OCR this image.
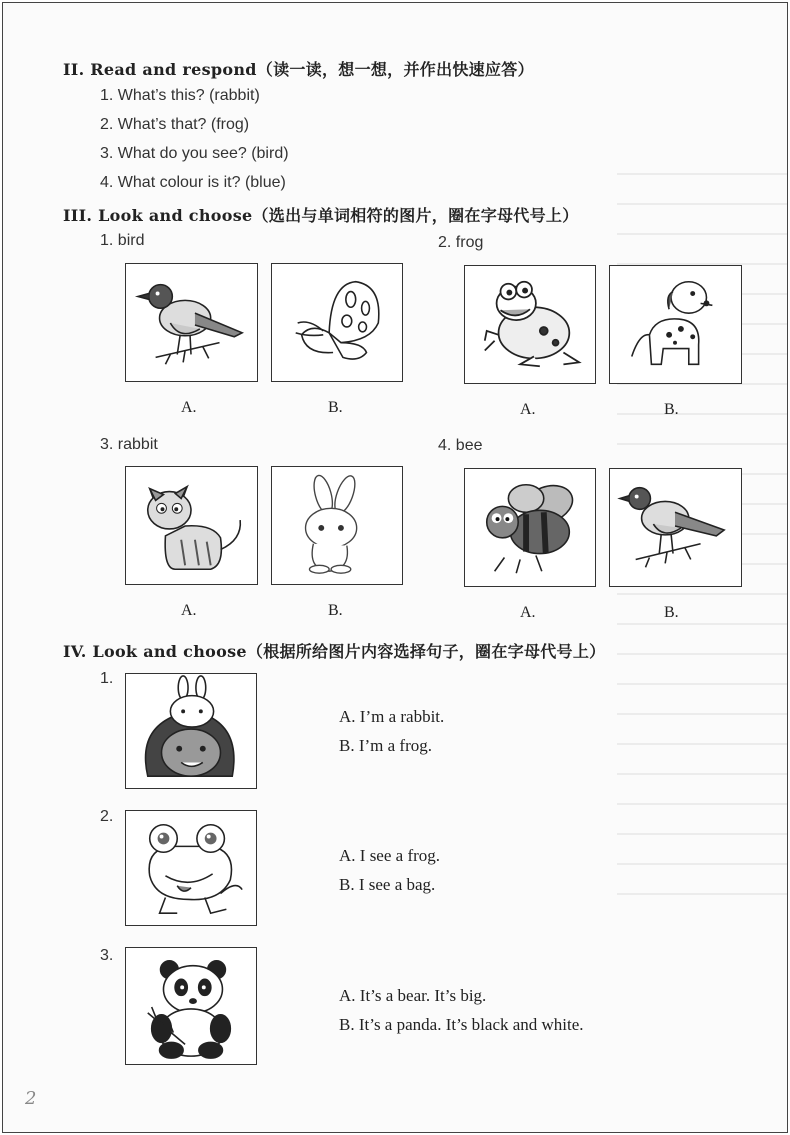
II. Read and respond（读一读，想一想，并作出快速应答）
1. What’s this? (rabbit)
2. What’s that? (frog)
3. What do you see? (bird)
4. What colour is it? (blue)
III. Look and choose（选出与单词相符的图片，圈在字母代号上）
1. bird
A.	B.
2. frog
A.	B.
3. rabbit
A.	B.
4. bee
A.	B.
IV. Look and choose（根据所给图片内容选择句子，圈在字母代号上）
1.
A. I’m a rabbit.
B. I’m a frog.
2.
A. I see a frog.
B. I see a bag.
3.
A. It’s a bear. It’s big.
B. It’s a panda. It’s black and white.
2
